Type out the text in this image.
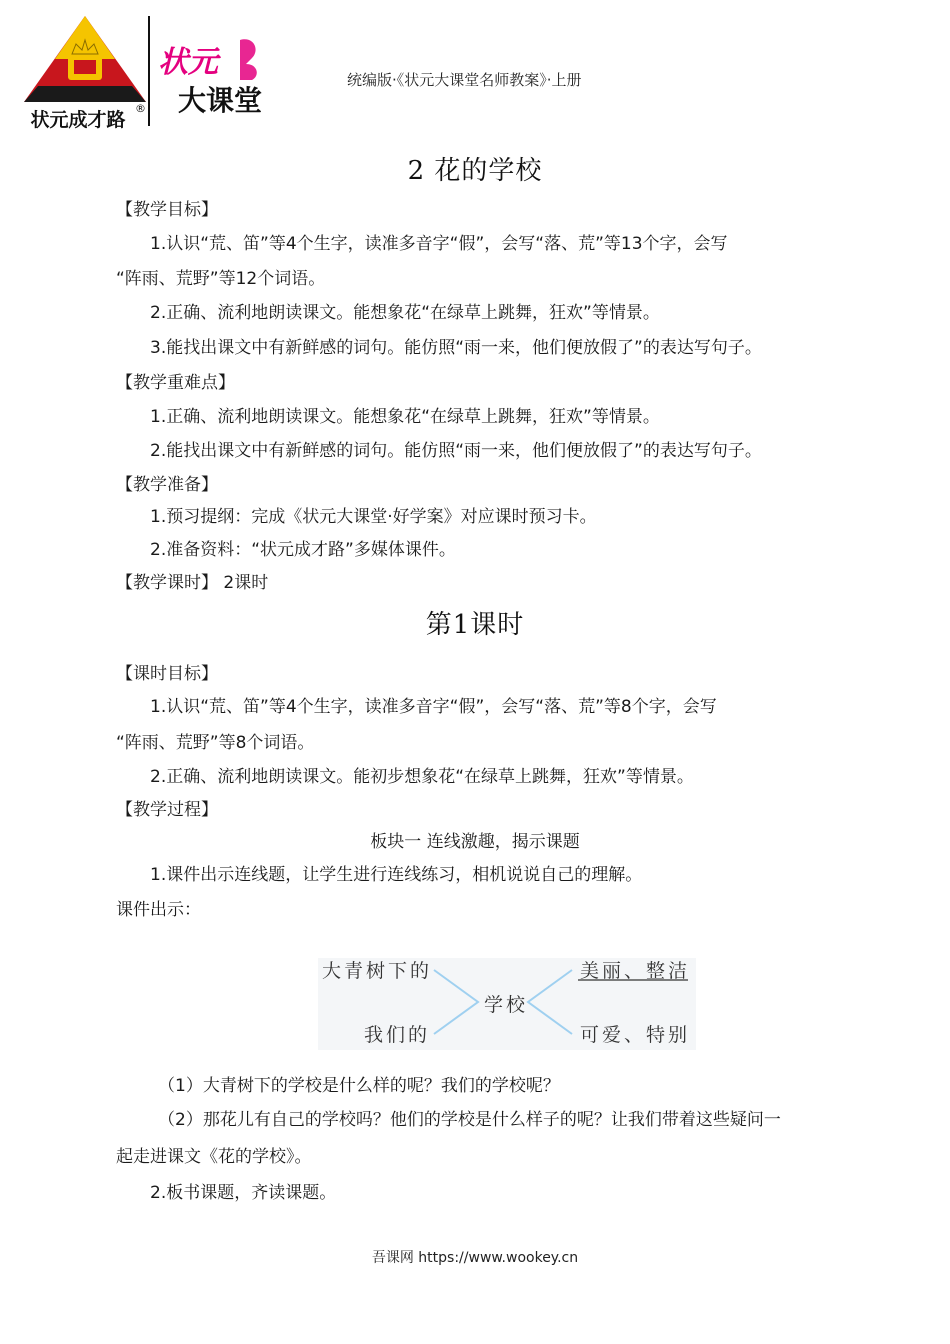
状元成才路
®
状元
大课堂
统编版·《状元大课堂名师教案》·上册
2 花的学校
【教学目标】
1.认识“荒、笛”等4个生字，读准多音字“假”，会写“落、荒”等13个字，会写
“阵雨、荒野”等12个词语。
2.正确、流利地朗读课文。能想象花“在绿草上跳舞，狂欢”等情景。
3.能找出课文中有新鲜感的词句。能仿照“雨一来，他们便放假了”的表达写句子。
【教学重难点】
1.正确、流利地朗读课文。能想象花“在绿草上跳舞，狂欢”等情景。
2.能找出课文中有新鲜感的词句。能仿照“雨一来，他们便放假了”的表达写句子。
【教学准备】
1.预习提纲：完成《状元大课堂·好学案》对应课时预习卡。
2.准备资料：“状元成才路”多媒体课件。
【教学课时】 2课时
第1课时
【课时目标】
1.认识“荒、笛”等4个生字，读准多音字“假”，会写“落、荒”等8个字，会写
“阵雨、荒野”等8个词语。
2.正确、流利地朗读课文。能初步想象花“在绿草上跳舞，狂欢”等情景。
【教学过程】
板块一 连线激趣，揭示课题
1.课件出示连线题，让学生进行连线练习，相机说说自己的理解。
课件出示：
大青树下的
我们的
学校
美丽、整洁
可爱、特别
（1）大青树下的学校是什么样的呢？我们的学校呢？
（2）那花儿有自己的学校吗？他们的学校是什么样子的呢？让我们带着这些疑问一
起走进课文《花的学校》。
2.板书课题，齐读课题。
吾课网 https://www.wookey.cn
